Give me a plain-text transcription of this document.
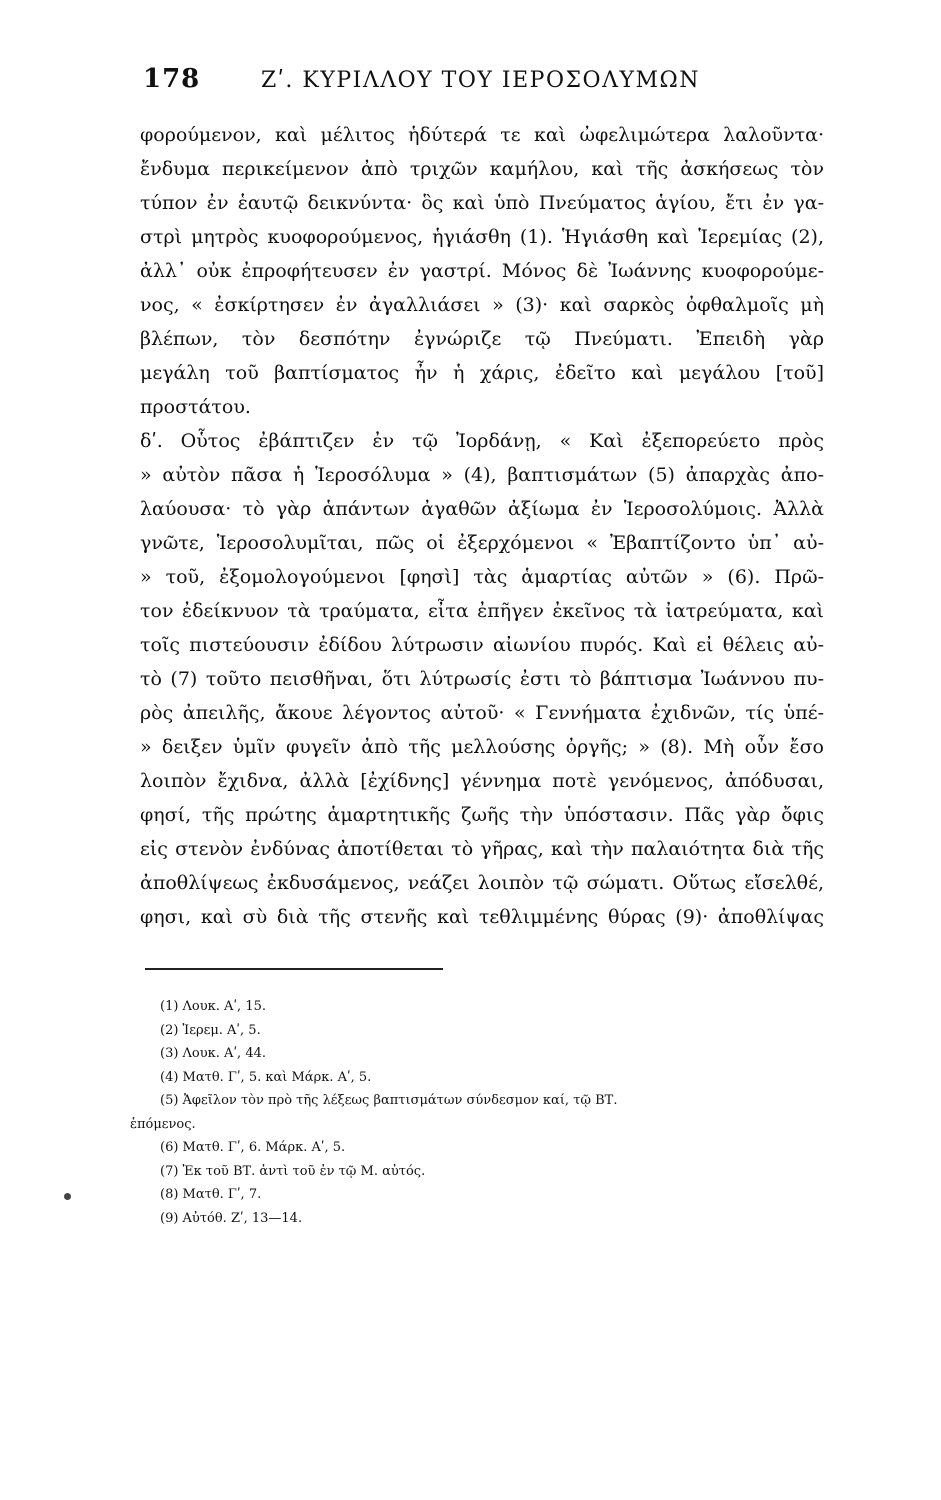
178	Ζʹ. ΚΥΡΙΛΛΟΥ ΤΟΥ ΙΕΡΟΣΟΛΥΜΩΝ
φορούμενον, καὶ μέλιτος ἡδύτερά τε καὶ ὠφελιμώτερα λαλοῦντα·
ἔνδυμα περικείμενον ἀπὸ τριχῶν καμήλου, καὶ τῆς ἀσκήσεως τὸν
τύπον ἐν ἑαυτῷ δεικνύντα· ὃς καὶ ὑπὸ Πνεύματος ἁγίου, ἔτι ἐν γα-
στρὶ μητρὸς κυοφορούμενος, ἡγιάσθη (1). Ἡγιάσθη καὶ Ἱερεμίας (2),
ἀλλ᾽ οὐκ ἐπροφήτευσεν ἐν γαστρί. Μόνος δὲ Ἰωάννης κυοφορούμε-
νος, « ἐσκίρτησεν ἐν ἀγαλλιάσει » (3)· καὶ σαρκὸς ὀφθαλμοῖς μὴ
βλέπων, τὸν δεσπότην ἐγνώριζε τῷ Πνεύματι. Ἐπειδὴ γὰρ
μεγάλη τοῦ βαπτίσματος ἦν ἡ χάρις, ἐδεῖτο καὶ μεγάλου [τοῦ]
προστάτου.
δʹ. Οὗτος ἐβάπτιζεν ἐν τῷ Ἰορδάνῃ, « Καὶ ἐξεπορεύετο πρὸς
» αὐτὸν πᾶσα ἡ Ἱεροσόλυμα » (4), βαπτισμάτων (5) ἀπαρχὰς ἀπο-
λαύουσα· τὸ γὰρ ἁπάντων ἀγαθῶν ἀξίωμα ἐν Ἱεροσολύμοις. Ἀλλὰ
γνῶτε, Ἱεροσολυμῖται, πῶς οἱ ἐξερχόμενοι « Ἐβαπτίζοντο ὑπ᾽ αὐ-
» τοῦ, ἐξομολογούμενοι [φησὶ] τὰς ἁμαρτίας αὐτῶν » (6). Πρῶ-
τον ἐδείκνυον τὰ τραύματα, εἶτα ἐπῆγεν ἐκεῖνος τὰ ἰατρεύματα, καὶ
τοῖς πιστεύουσιν ἐδίδου λύτρωσιν αἰωνίου πυρός. Καὶ εἰ θέλεις αὐ-
τὸ (7) τοῦτο πεισθῆναι, ὅτι λύτρωσίς ἐστι τὸ βάπτισμα Ἰωάννου πυ-
ρὸς ἀπειλῆς, ἄκουε λέγοντος αὐτοῦ· « Γεννήματα ἐχιδνῶν, τίς ὑπέ-
» δειξεν ὑμῖν φυγεῖν ἀπὸ τῆς μελλούσης ὀργῆς; » (8). Μὴ οὖν ἔσο
λοιπὸν ἔχιδνα, ἀλλὰ [ἐχίδνης] γέννημα ποτὲ γενόμενος, ἀπόδυσαι,
φησί, τῆς πρώτης ἁμαρτητικῆς ζωῆς τὴν ὑπόστασιν. Πᾶς γὰρ ὄφις
εἰς στενὸν ἐνδύνας ἀποτίθεται τὸ γῆρας, καὶ τὴν παλαιότητα διὰ τῆς
ἀποθλίψεως ἐκδυσάμενος, νεάζει λοιπὸν τῷ σώματι. Οὕτως εἴσελθέ,
φησι, καὶ σὺ διὰ τῆς στενῆς καὶ τεθλιμμένης θύρας (9)· ἀποθλίψας
(1) Λουκ. Αʹ, 15.
(2) Ἱερεμ. Αʹ, 5.
(3) Λουκ. Αʹ, 44.
(4) Ματθ. Γʹ, 5. καὶ Μάρκ. Αʹ, 5.
(5) Ἀφεῖλον τὸν πρὸ τῆς λέξεως βαπτισμάτων σύνδεσμον καί, τῷ ΒΤ.
ἑπόμενος.
(6) Ματθ. Γʹ, 6. Μάρκ. Αʹ, 5.
(7) Ἐκ τοῦ ΒΤ. ἀντὶ τοῦ ἐν τῷ Μ. αὐτός.
(8) Ματθ. Γʹ, 7.
(9) Αὐτόθ. Ζʹ, 13—14.
